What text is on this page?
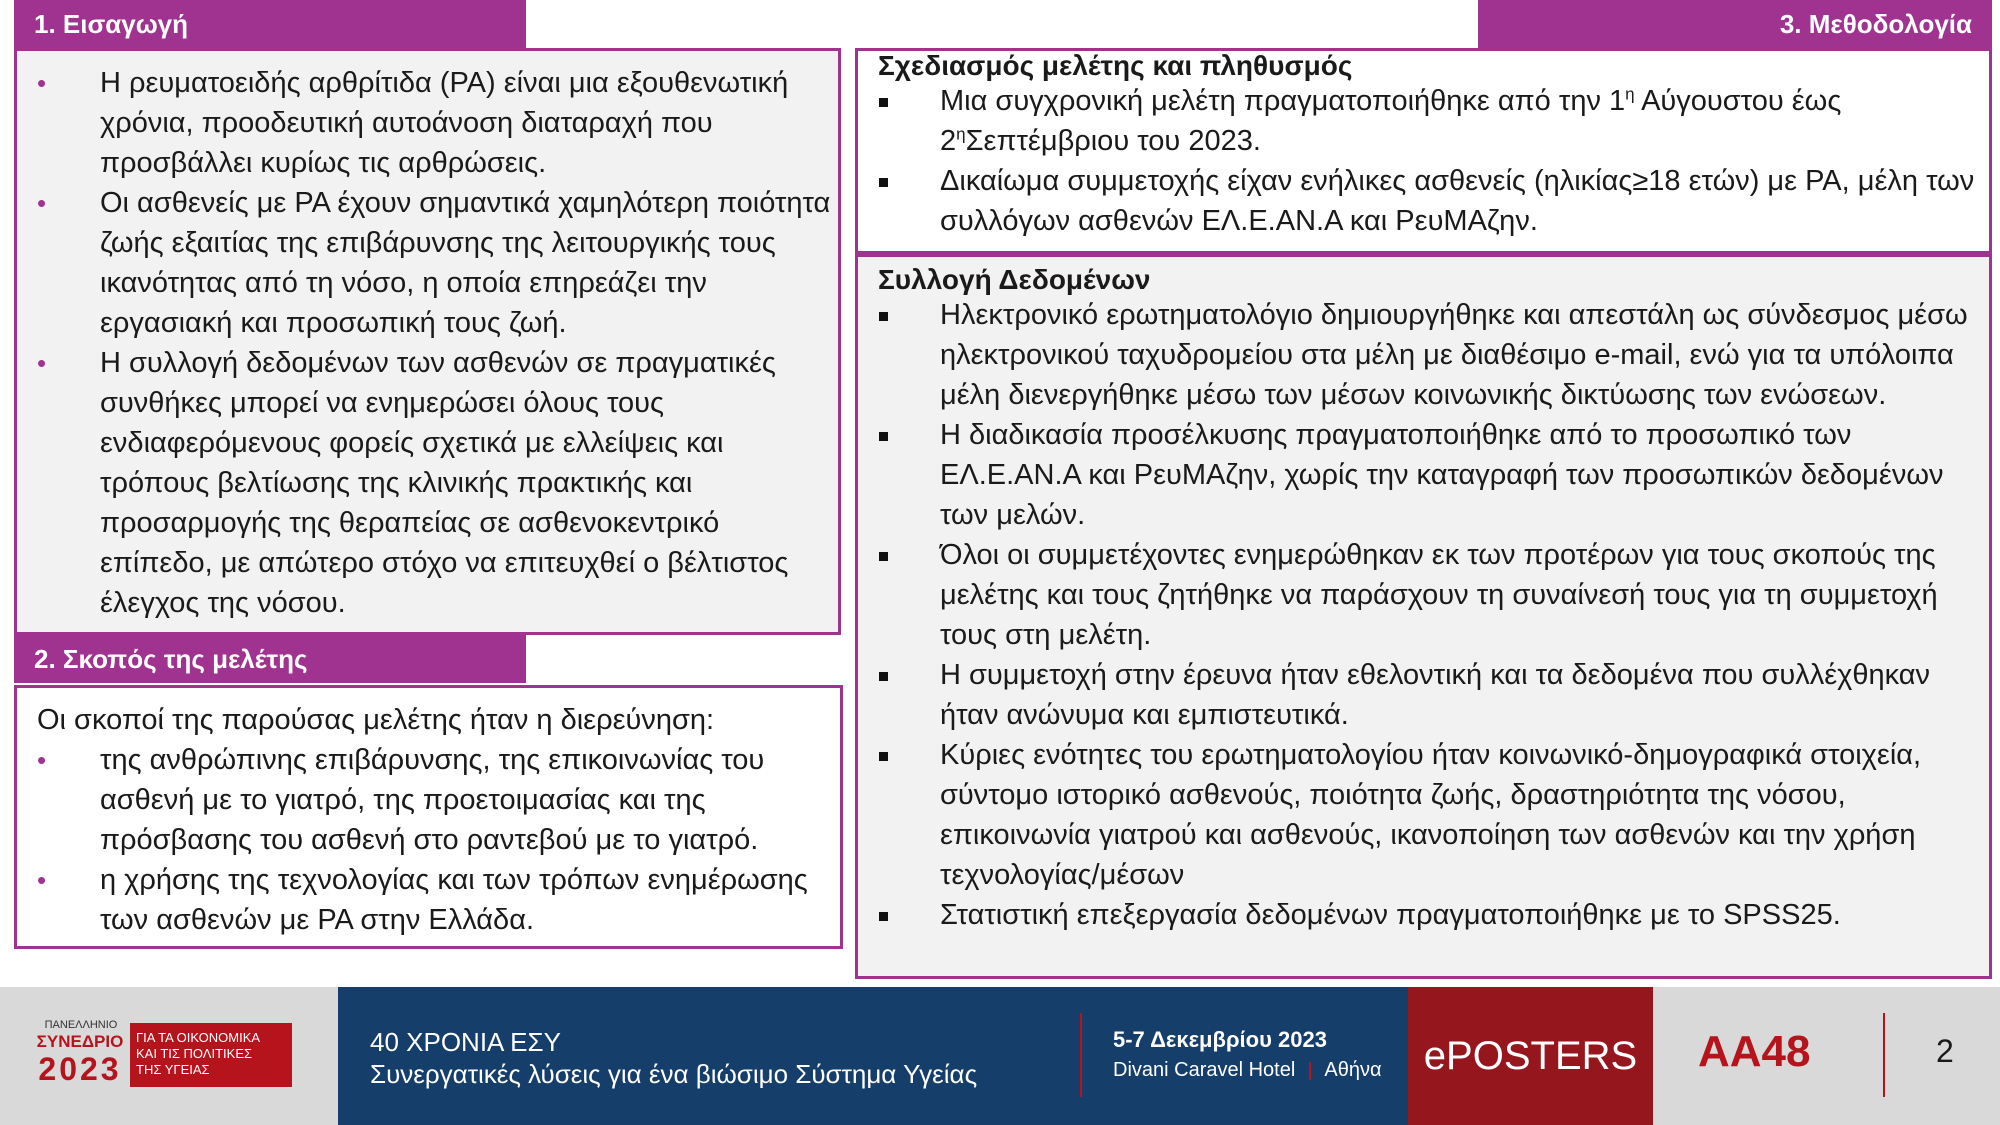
1. Εισαγωγή
• Η ρευματοειδής αρθρίτιδα (ΡΑ) είναι μια εξουθενωτική χρόνια, προοδευτική αυτοάνοση διαταραχή που προσβάλλει κυρίως τις αρθρώσεις.
• Οι ασθενείς με ΡΑ έχουν σημαντικά χαμηλότερη ποιότητα ζωής εξαιτίας της επιβάρυνσης της λειτουργικής τους ικανότητας από τη νόσο, η οποία επηρεάζει την εργασιακή και προσωπική τους ζωή.
• Η συλλογή δεδομένων των ασθενών σε πραγματικές συνθήκες μπορεί να ενημερώσει όλους τους ενδιαφερόμενους φορείς σχετικά με ελλείψεις και τρόπους βελτίωσης της κλινικής πρακτικής και προσαρμογής της θεραπείας σε ασθενοκεντρικό επίπεδο, με απώτερο στόχο να επιτευχθεί ο βέλτιστος έλεγχος της νόσου.
2. Σκοπός της μελέτης
Οι σκοποί της παρούσας μελέτης ήταν η διερεύνηση:
• της ανθρώπινης επιβάρυνσης, της επικοινωνίας του ασθενή με το γιατρό, της προετοιμασίας και της πρόσβασης του ασθενή στο ραντεβού με το γιατρό.
• η χρήσης της τεχνολογίας και των τρόπων ενημέρωσης των ασθενών με ΡΑ στην Ελλάδα.
3. Μεθοδολογία
Σχεδιασμός μελέτης και πληθυσμός
Μια συγχρονική μελέτη πραγματοποιήθηκε από την $1^\eta$ Αύγουστου έως $2^\eta\Sigma\varepsilon\pi\tau έ\mu\beta\rho\iota o\upsilon$ του 2023.
Δικαίωμα συμμετοχής είχαν ενήλικες ασθενείς (ηλικίας≥18 ετών) με ΡΑ, μέλη των συλλόγων ασθενών ΕΛ.Ε.ΑΝ.Α και ΡευΜΑζην.
Συλλογή Δεδομένων
Ηλεκτρονικό ερωτηματολόγιο δημιουργήθηκε και απεστάλη ως σύνδεσμος μέσω ηλεκτρονικού ταχυδρομείου στα μέλη με διαθέσιμο e-mail, ενώ για τα υπόλοιπα μέλη διενεργήθηκε μέσω των μέσων κοινωνικής δικτύωσης των ενώσεων.
Η διαδικασία προσέλκυσης πραγματοποιήθηκε από το προσωπικό των ΕΛ.Ε.ΑΝ.Α και ΡευΜΑζην, χωρίς την καταγραφή των προσωπικών δεδομένων των μελών.
Όλοι οι συμμετέχοντες ενημερώθηκαν εκ των προτέρων για τους σκοπούς της μελέτης και τους ζητήθηκε να παράσχουν τη συναίνεσή τους για τη συμμετοχή τους στη μελέτη.
Η συμμετοχή στην έρευνα ήταν εθελοντική και τα δεδομένα που συλλέχθηκαν ήταν ανώνυμα και εμπιστευτικά.
Κύριες ενότητες του ερωτηματολογίου ήταν κοινωνικό-δημογραφικά στοιχεία, σύντομο ιστορικό ασθενούς, ποιότητα ζωής, δραστηριότητα της νόσου, επικοινωνία γιατρού και ασθενούς, ικανοποίηση των ασθενών και την χρήση τεχνολογίας/μέσων
Στατιστική επεξεργασία δεδομένων πραγματοποιήθηκε με το SPSS25.
ΠΑΝΕΛΛΗΝΙΟ
ΣΥΝΕΔΡΙΟ
2023
ΓΙΑ ΤΑ ΟΙΚΟΝΟΜΙΚΑ
ΚΑΙ ΤΙΣ ΠΟΛΙΤΙΚΕΣ
ΤΗΣ ΥΓΕΙΑΣ
40 ΧΡΟΝΙΑ ΕΣΥ
Συνεργατικές λύσεις για ένα βιώσιμο Σύστημα Υγείας
5-7 Δεκεμβρίου 2023
Divani Caravel Hotel Αθήνα	ePOSTERS	ΑΑ48	2
